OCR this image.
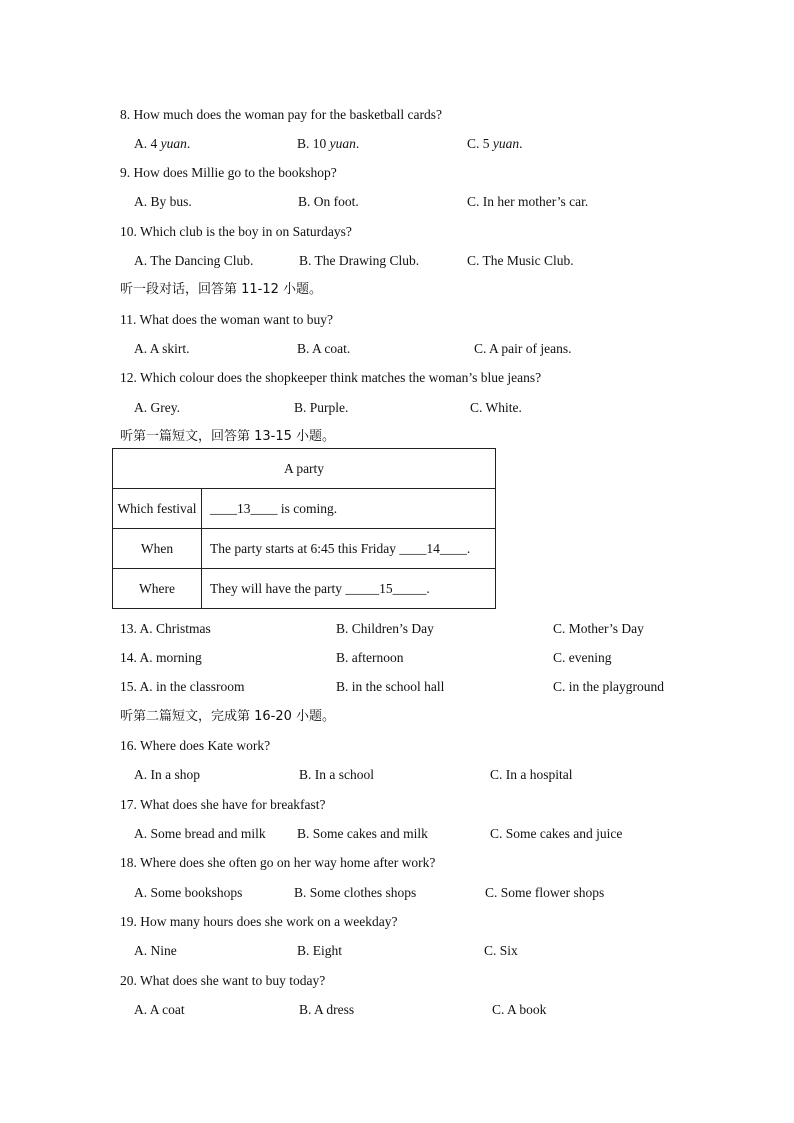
8. How much does the woman pay for the basketball cards?
A. 4 yuan.	B. 10 yuan.	C. 5 yuan.
9. How does Millie go to the bookshop?
A. By bus.	B. On foot.	C. In her mother’s car.
10. Which club is the boy in on Saturdays?
A. The Dancing Club.	B. The Drawing Club.	C. The Music Club.
听一段对话，回答第 11-12 小题。
11. What does the woman want to buy?
A. A skirt.	B. A coat.	C. A pair of jeans.
12. Which colour does the shopkeeper think matches the woman’s blue jeans?
A. Grey.	B. Purple.	C. White.
听第一篇短文，回答第 13-15 小题。
A party	
Which festival	____13____ is coming.
When	The party starts at 6:45 this Friday ____14____.
Where	They will have the party _____15_____.
13. A. Christmas	B. Children’s Day	C. Mother’s Day
14. A. morning	B. afternoon	C. evening
15. A. in the classroom	B. in the school hall	C. in the playground
听第二篇短文，完成第 16-20 小题。
16. Where does Kate work?
A. In a shop	B. In a school	C. In a hospital
17. What does she have for breakfast?
A. Some bread and milk B. Some cakes and milk	C. Some cakes and juice
18. Where does she often go on her way home after work?
A. Some bookshops	B. Some clothes shops	C. Some flower shops
19. How many hours does she work on a weekday?
A. Nine	B. Eight	C. Six
20. What does she want to buy today?
A. A coat	B. A dress	C. A book
